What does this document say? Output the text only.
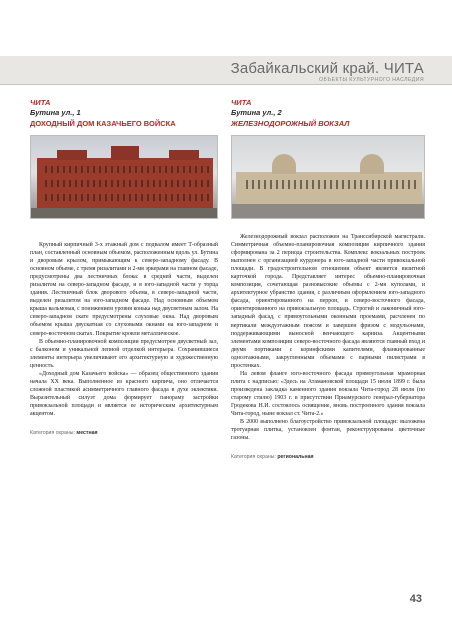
Забайкальский край. ЧИТА
ОБЪЕКТЫ КУЛЬТУРНОГО НАСЛЕДИЯ
ЧИТА
Бутина ул., 1
ДОХОДНЫЙ ДОМ КАЗАЧЬЕГО ВОЙСКА

Крупный кирпичный 3-х этажный дом с подвалом имеет Т-образный план, составленный основным объемом, расположенным вдоль ул. Бутина и дворовым крылом, примыкающим к северо-западному фасаду. В основном объеме, с тремя ризалитами и 2-мя эркерами на главном фасаде, предусмотрены два лестничных блока: в средней части, выделен ризалитом на северо-западном фасаде, и в юго-западной части у торца здания. Лестничный блок дворового объема, в северо-западной части, выделен ризалитом на юго-западном фасаде. Над основным объемом крыша вальмовая, с понижением уровня конька над двусветным залом. На северо-западном скате предусмотрены слуховые окна. Над дворовым объемом крыша двускатная со слуховыми окнами на юго-западном и северо-восточном скатах. Покрытие кровли металлическое.

В объемно-планировочной композиции предусмотрен двусветный зал, с балконом и уникальной лепной отделкой интерьера. Сохранившиеся элементы интерьера увеличивают его архитектурную и художественную ценность.

«Доходный дом Казачьего войска» — образец общественного здания начала XX века. Выполненное из красного кирпича, оно отличается сложной пластикой асимметричного главного фасада в духе эклектики. Выразительный силуэт дома формирует панораму застройки привокзальной площади и является ее историческим архитектурным акцентом.

Категория охраны: местная
ЧИТА
Бутина ул., 2
ЖЕЛЕЗНОДОРОЖНЫЙ ВОКЗАЛ

Железнодорожный вокзал расположен на Транссибирской магистрали. Симметричная объемно-планировочная композиция кирпичного здания сформирована за 2 периода строительства. Комплекс вокзальных построек выполнен с организацией курдонера в юго-западной части привокзальной площади. В градостроительном отношении объект является визитной карточкой города. Представляет интерес объемно-планировочная композиция, сочетающая разновысокие объемы с 2-мя куполами, и архитектурное убранство здания, с различным оформлением юго-западного фасада, ориентированного на перрон, и северо-восточного фасада, ориентированного на привокзальную площадь. Строгий и лаконичный юго-западный фасад, с прямоугольными оконными проемами, расчленен по вертикали междуэтажным поясом и завершен фризом с модульонами, поддерживающими выносной венчающего карниза. Акцентными элементами композиции северо-восточного фасада являются главный вход и двумя портиками с коринфскими капителями, фланкированные одноэтажными, закругленными объемами с парными пилястрами в простенках.

На левом фланге юго-восточного фасада прямоугольная мраморная плита с надписью: «Здесь на Атамановской площади 15 июля 1899 г. была произведена закладка каменного здания вокзала Чита-город 28 июля (по старому стилю) 1903 г. в присутствии Приамурского генерал-губернатора Гродекова Н.И. состоялось освящение, вновь построенного здания вокзала Чита-город, ныне вокзал ст. Чита-2.»

В 2000 выполнено благоустройство привокзальной площади: выложена тротуарная плитка, установлен фонтан, реконструированы цветочные газоны.

Категория охраны: региональная
43
